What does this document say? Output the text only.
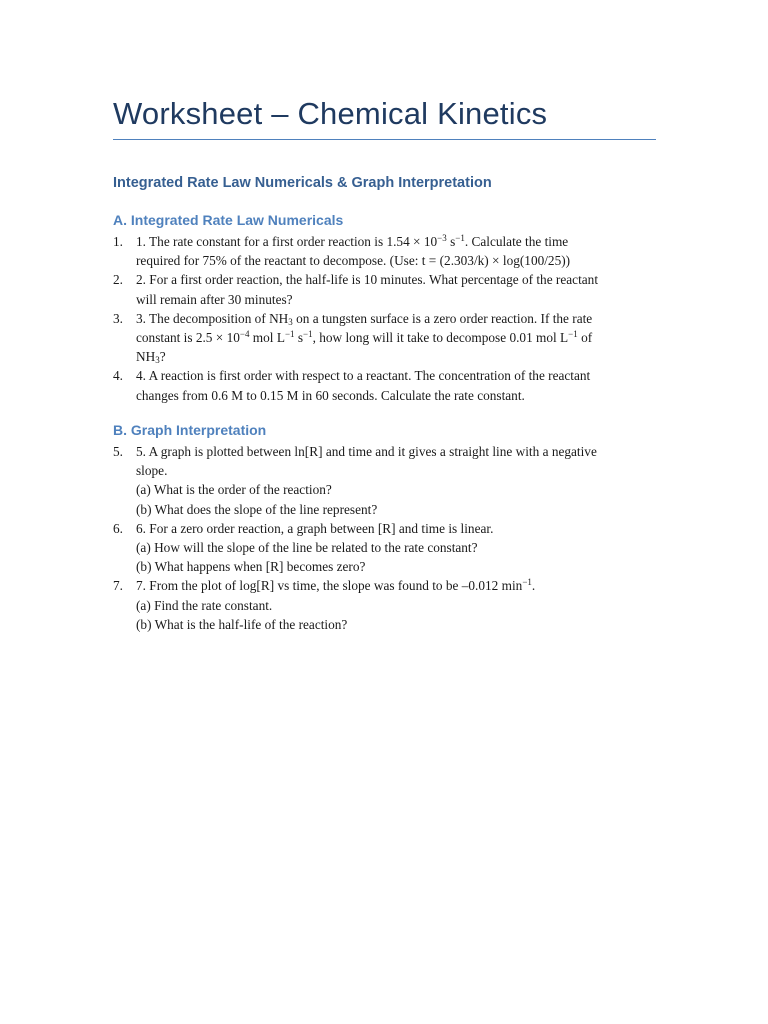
Worksheet – Chemical Kinetics
Integrated Rate Law Numericals & Graph Interpretation
A. Integrated Rate Law Numericals
1. 1. The rate constant for a first order reaction is $1.54 \times 10^{-3}$ $s^{-1}$. Calculate the time
required for 75% of the reactant to decompose. (Use: t = (2.303/k) × log(100/25))
2. 2. For a first order reaction, the half-life is 10 minutes. What percentage of the reactant
will remain after 30 minutes?
3. 3. The decomposition of $NH_3$ on a tungsten surface is a zero order reaction. If the rate
constant is $2.5 \times 10^{-4}$ mol $L^{-1}$ $s^{-1}$, how long will it take to decompose 0.01 mol $L^{-1}$ of
$NH_3$?
4. 4. A reaction is first order with respect to a reactant. The concentration of the reactant
changes from 0.6 M to 0.15 M in 60 seconds. Calculate the rate constant.
B. Graph Interpretation
5. 5. A graph is plotted between ln[R] and time and it gives a straight line with a negative
slope.
(a) What is the order of the reaction?
(b) What does the slope of the line represent?
6. 6. For a zero order reaction, a graph between [R] and time is linear.
(a) How will the slope of the line be related to the rate constant?
(b) What happens when [R] becomes zero?
7. 7. From the plot of log[R] vs time, the slope was found to be –0.012 $\min^{-1}$.
(a) Find the rate constant.
(b) What is the half-life of the reaction?
